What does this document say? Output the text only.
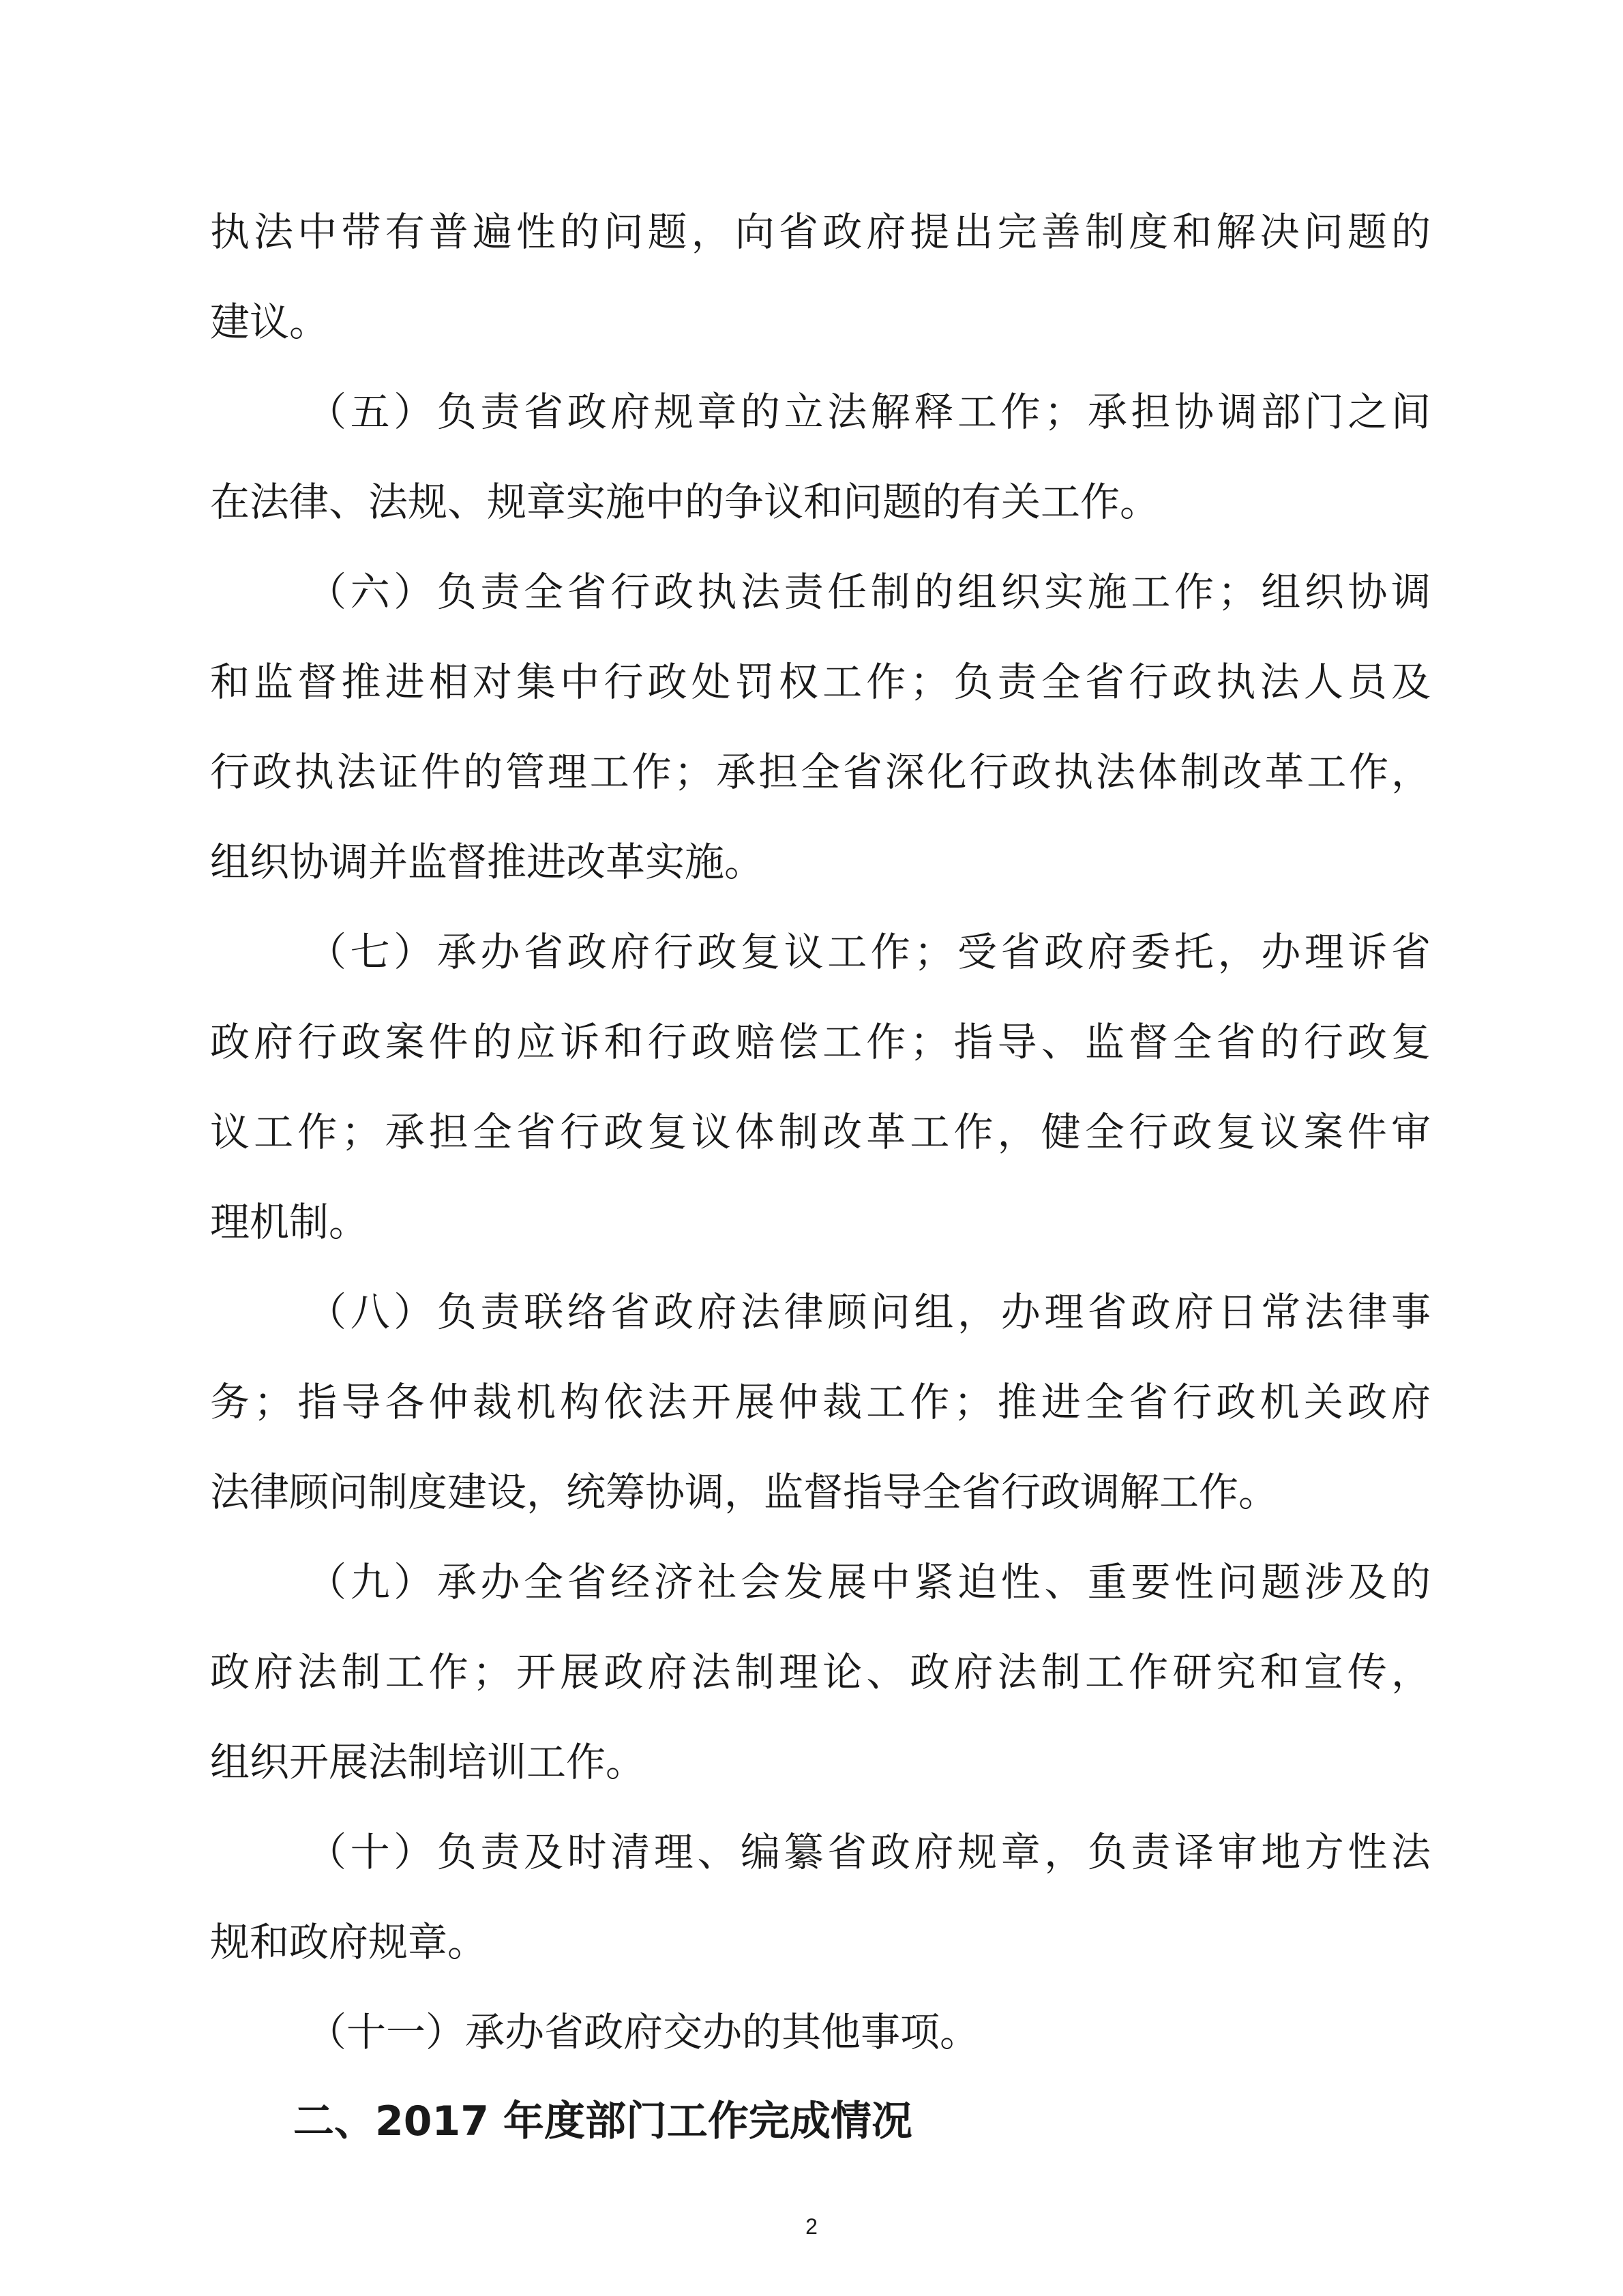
执法中带有普遍性的问题，向省政府提出完善制度和解决问题的
建议。
（五）负责省政府规章的立法解释工作；承担协调部门之间
在法律、法规、规章实施中的争议和问题的有关工作。
（六）负责全省行政执法责任制的组织实施工作；组织协调
和监督推进相对集中行政处罚权工作；负责全省行政执法人员及
行政执法证件的管理工作；承担全省深化行政执法体制改革工作，
组织协调并监督推进改革实施。
（七）承办省政府行政复议工作；受省政府委托，办理诉省
政府行政案件的应诉和行政赔偿工作；指导、监督全省的行政复
议工作；承担全省行政复议体制改革工作，健全行政复议案件审
理机制。
（八）负责联络省政府法律顾问组，办理省政府日常法律事
务；指导各仲裁机构依法开展仲裁工作；推进全省行政机关政府
法律顾问制度建设，统筹协调，监督指导全省行政调解工作。
（九）承办全省经济社会发展中紧迫性、重要性问题涉及的
政府法制工作；开展政府法制理论、政府法制工作研究和宣传，
组织开展法制培训工作。
（十）负责及时清理、编纂省政府规章，负责译审地方性法
规和政府规章。
（十一）承办省政府交办的其他事项。
二、2017 年度部门工作完成情况
2
